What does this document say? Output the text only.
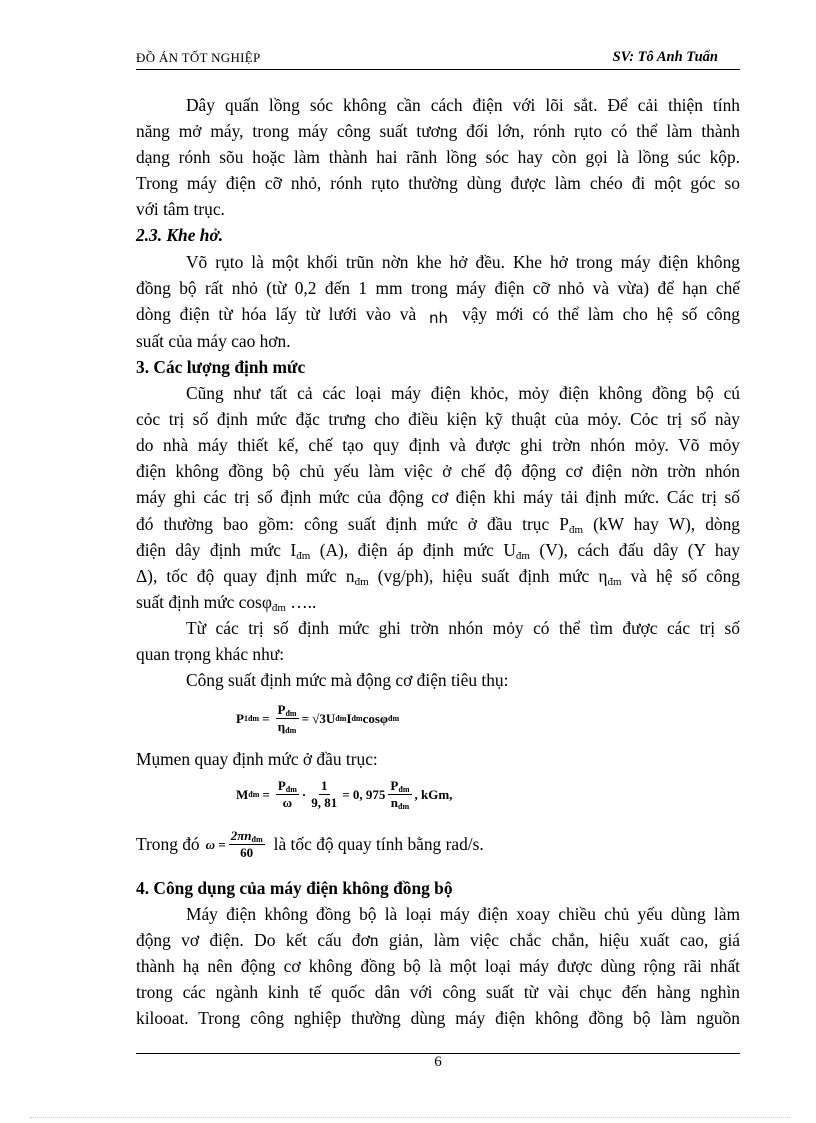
ĐỒ ÁN TỐT NGHIỆP	SV: Tô Anh Tuấn

Dây quấn lồng sóc không cần cách điện với lõi sắt. Để cải thiện tính
năng mở máy, trong máy công suất tương đối lớn, rónh rụto có thể làm thành
dạng rónh sõu hoặc làm thành hai rãnh lồng sóc hay còn gọi là lồng súc kộp.
Trong máy điện cỡ nhỏ, rónh rụto thường dùng được làm chéo đi một góc so
với tâm trục.

2.3. Khe hở.

Võ rụto là một khối trũn nờn khe hở đều. Khe hở trong máy điện không
đồng bộ rất nhỏ (từ 0,2 đến 1 mm trong máy điện cỡ nhỏ và vừa) để hạn chế
dòng điện từ hóa lấy từ lưới vào và nh vậy mới có thể làm cho hệ số công
suất của máy cao hơn.

3. Các lượng định mức

Cũng như tất cả các loại máy điện khỏc, mỏy điện không đồng bộ cú
cỏc trị số định mức đặc trưng cho điều kiện kỹ thuật của mỏy. Cỏc trị số này
do nhà máy thiết kế, chế tạo quy định và được ghi trờn nhón mỏy. Võ mỏy
điện không đồng bộ chủ yếu làm việc ở chế độ động cơ điện nờn trờn nhón
máy ghi các trị số định mức của động cơ điện khi máy tải định mức. Các trị số
đó thường bao gồm: công suất định mức ở đầu trục $P_{đm}$ (kW hay W), dòng
điện dây định mức $I_{đm}$ (A), điện áp định mức $U_{đm}$ (V), cách đấu dây (Y hay
Δ), tốc độ quay định mức $n_{đm}$ (vg/ph), hiệu suất định mức $\eta_{đm}$ và hệ số công
suất định mức cosφ$_{đm}$ …..

Từ các trị số định mức ghi trờn nhón mỏy có thể tìm được các trị số
quan trọng khác như:

Công suất định mức mà động cơ điện tiêu thụ:

P 1đm = $\frac{P_{đm}}{\eta_{đm}} = √3U$ đm I đm cosφ đm
Mụmen quay định mức ở đầu trục:
M đm = $\frac{P_{đm}}{\omega} \cdot \frac{1}{9, 81} = 0$, $975 \frac{P_{đm}}{n_{đm}}$ , kGm,
Trong đó $\omega = \frac{2\pi n_{đm}}{60}$ là tốc độ quay tính bằng rad/s.

4. Công dụng của máy điện không đồng bộ

Máy điện không đồng bộ là loại máy điện xoay chiều chủ yếu dùng làm
động vơ điện. Do kết cấu đơn giản, làm việc chắc chắn, hiệu xuất cao, giá
thành hạ nên động cơ không đồng bộ là một loại máy được dùng rộng rãi nhất
trong các ngành kinh tế quốc dân với công suất từ vài chục đến hàng nghìn
kilooat. Trong công nghiệp thường dùng máy điện không đồng bộ làm nguồn

6
